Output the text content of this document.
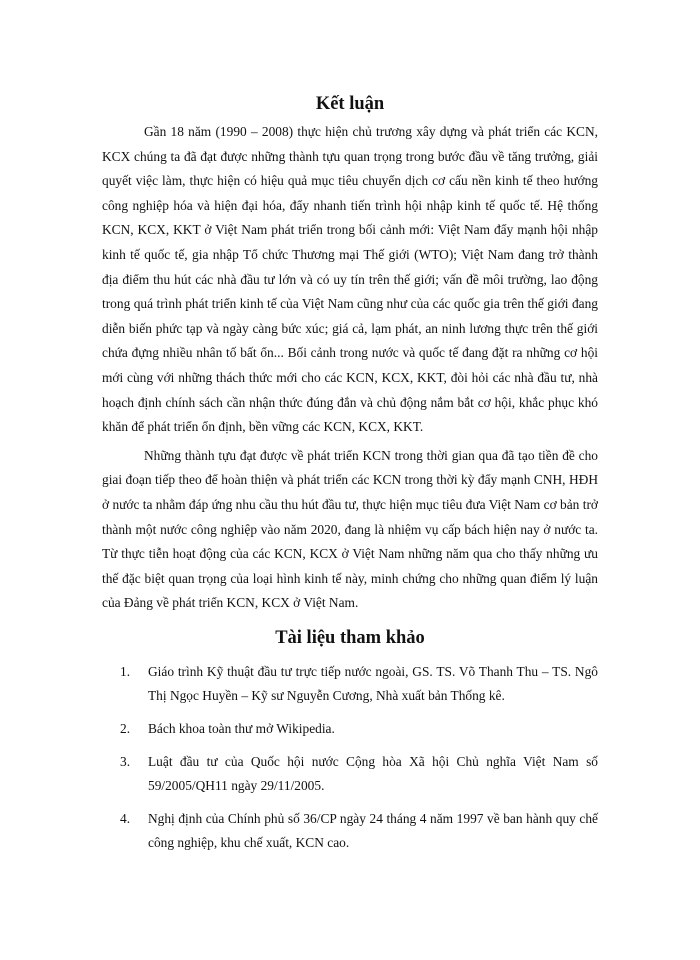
Kết luận

Gần 18 năm (1990 – 2008) thực hiện chủ trương xây dựng và phát triển các KCN, KCX chúng ta đã đạt được những thành tựu quan trọng trong bước đầu về tăng trưởng, giải quyết việc làm, thực hiện có hiệu quả mục tiêu chuyển dịch cơ cấu nền kinh tế theo hướng công nghiệp hóa và hiện đại hóa, đẩy nhanh tiến trình hội nhập kinh tế quốc tế. Hệ thống KCN, KCX, KKT ở Việt Nam phát triển trong bối cảnh mới: Việt Nam đẩy mạnh hội nhập kinh tế quốc tế, gia nhập Tổ chức Thương mại Thế giới (WTO); Việt Nam đang trở thành địa điểm thu hút các nhà đầu tư lớn và có uy tín trên thế giới; vấn đề môi trường, lao động trong quá trình phát triển kinh tế của Việt Nam cũng như của các quốc gia trên thế giới đang diễn biến phức tạp và ngày càng bức xúc; giá cả, lạm phát, an ninh lương thực trên thế giới chứa đựng nhiều nhân tố bất ổn... Bối cảnh trong nước và quốc tế đang đặt ra những cơ hội mới cùng với những thách thức mới cho các KCN, KCX, KKT, đòi hỏi các nhà đầu tư, nhà hoạch định chính sách cần nhận thức đúng đắn và chủ động nắm bắt cơ hội, khắc phục khó khăn để phát triển ổn định, bền vững các KCN, KCX, KKT.

Những thành tựu đạt được về phát triển KCN trong thời gian qua đã tạo tiền đề cho giai đoạn tiếp theo để hoàn thiện và phát triển các KCN trong thời kỳ đẩy mạnh CNH, HĐH ở nước ta nhằm đáp ứng nhu cầu thu hút đầu tư, thực hiện mục tiêu đưa Việt Nam cơ bản trở thành một nước công nghiệp vào năm 2020, đang là nhiệm vụ cấp bách hiện nay ở nước ta. Từ thực tiễn hoạt động của các KCN, KCX ở Việt Nam những năm qua cho thấy những ưu thế đặc biệt quan trọng của loại hình kinh tế này, minh chứng cho những quan điểm lý luận của Đảng về phát triển KCN, KCX ở Việt Nam.

Tài liệu tham khảo
1.	Giáo trình Kỹ thuật đầu tư trực tiếp nước ngoài, GS. TS. Võ Thanh Thu – TS. Ngô Thị Ngọc Huyền – Kỹ sư Nguyễn Cương, Nhà xuất bản Thống kê.
2.	Bách khoa toàn thư mở Wikipedia.
3.	Luật đầu tư của Quốc hội nước Cộng hòa Xã hội Chủ nghĩa Việt Nam số 59/2005/QH11 ngày 29/11/2005.
4.	Nghị định của Chính phủ số 36/CP ngày 24 tháng 4 năm 1997 về ban hành quy chế công nghiệp, khu chế xuất, KCN cao.
